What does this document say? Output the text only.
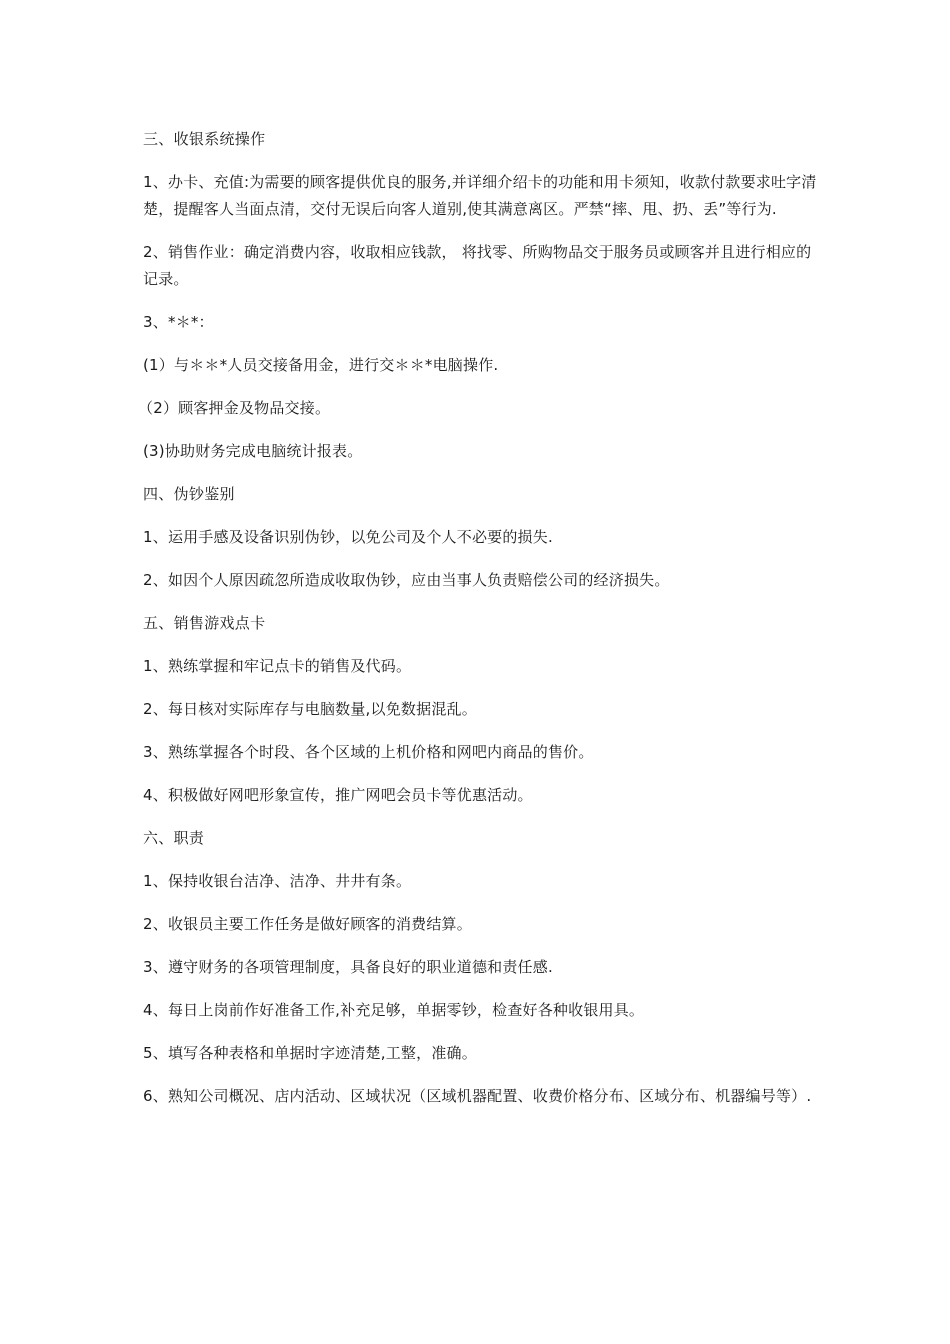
三、收银系统操作

1、办卡、充值:为需要的顾客提供优良的服务,并详细介绍卡的功能和用卡须知，收款付款要求吐字清楚，提醒客人当面点清，交付无误后向客人道别,使其满意离区。严禁“摔、甩、扔、丢”等行为.

2、销售作业：确定消费内容，收取相应钱款， 将找零、所购物品交于服务员或顾客并且进行相应的记录。

3、*＊*：

(1）与＊＊*人员交接备用金，进行交＊＊*电脑操作.

（2）顾客押金及物品交接。

(3)协助财务完成电脑统计报表。

四、伪钞鉴别

1、运用手感及设备识别伪钞，以免公司及个人不必要的损失.

2、如因个人原因疏忽所造成收取伪钞，应由当事人负责赔偿公司的经济损失。

五、销售游戏点卡

1、熟练掌握和牢记点卡的销售及代码。

2、每日核对实际库存与电脑数量,以免数据混乱。

3、熟练掌握各个时段、各个区域的上机价格和网吧内商品的售价。

4、积极做好网吧形象宣传，推广网吧会员卡等优惠活动。

六、职责

1、保持收银台洁净、洁净、井井有条。

2、收银员主要工作任务是做好顾客的消费结算。

3、遵守财务的各项管理制度，具备良好的职业道德和责任感.

4、每日上岗前作好准备工作,补充足够，单据零钞，检查好各种收银用具。

5、填写各种表格和单据时字迹清楚,工整，准确。

6、熟知公司概况、店内活动、区域状况（区域机器配置、收费价格分布、区域分布、机器编号等）.
